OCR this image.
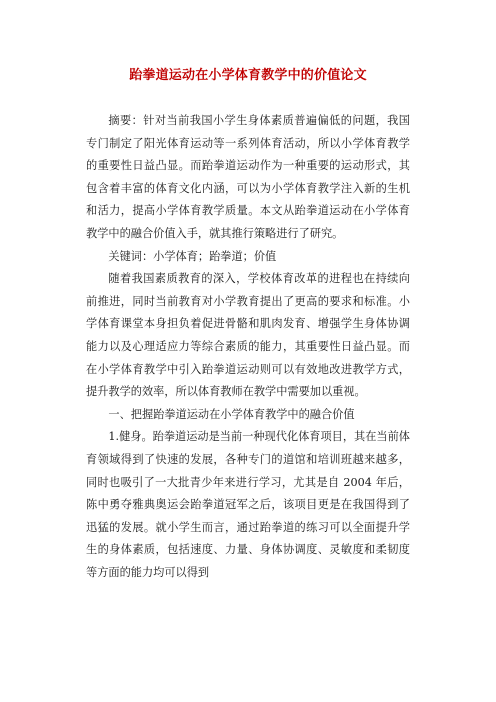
跆拳道运动在小学体育教学中的价值论文

摘要：针对当前我国小学生身体素质普遍偏低的问题，我国专门制定了阳光体育运动等一系列体育活动，所以小学体育教学的重要性日益凸显。而跆拳道运动作为一种重要的运动形式，其包含着丰富的体育文化内涵，可以为小学体育教学注入新的生机和活力，提高小学体育教学质量。本文从跆拳道运动在小学体育教学中的融合价值入手，就其推行策略进行了研究。

关键词：小学体育；跆拳道；价值

随着我国素质教育的深入，学校体育改革的进程也在持续向前推进，同时当前教育对小学教育提出了更高的要求和标准。小学体育课堂本身担负着促进骨骼和肌肉发育、增强学生身体协调能力以及心理适应力等综合素质的能力，其重要性日益凸显。而在小学体育教学中引入跆拳道运动则可以有效地改进教学方式，提升教学的效率，所以体育教师在教学中需要加以重视。

一、把握跆拳道运动在小学体育教学中的融合价值

1.健身。跆拳道运动是当前一种现代化体育项目，其在当前体育领域得到了快速的发展，各种专门的道馆和培训班越来越多，同时也吸引了一大批青少年来进行学习，尤其是自 2004 年后，陈中勇夺雅典奥运会跆拳道冠军之后，该项目更是在我国得到了迅猛的发展。就小学生而言，通过跆拳道的练习可以全面提升学生的身体素质，包括速度、力量、身体协调度、灵敏度和柔韧度等方面的能力均可以得到
